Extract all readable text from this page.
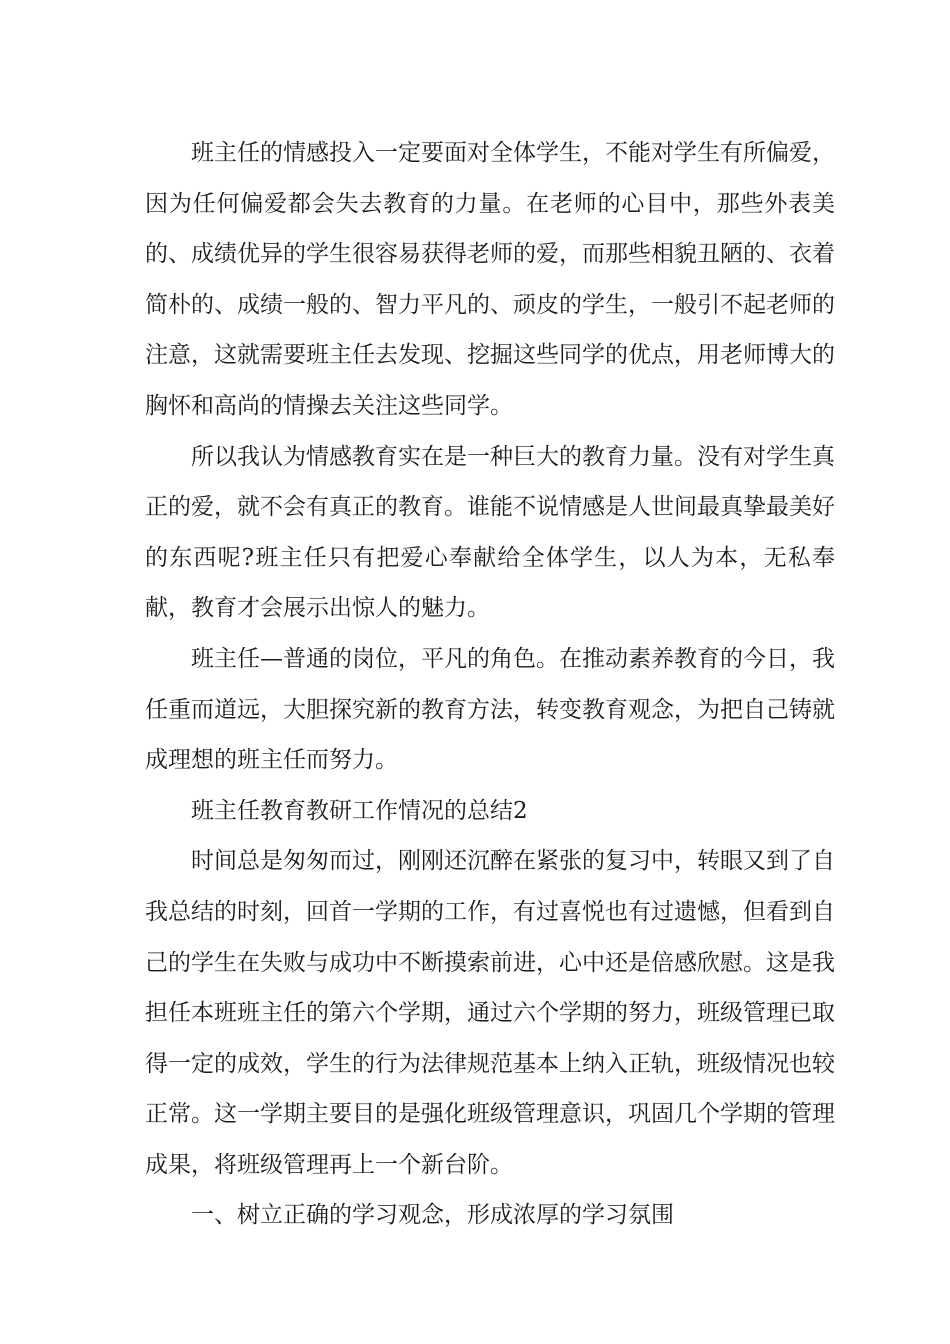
班主任的情感投入一定要面对全体学生，不能对学生有所偏爱，因为任何偏爱都会失去教育的力量。在老师的心目中，那些外表美的、成绩优异的学生很容易获得老师的爱，而那些相貌丑陋的、衣着简朴的、成绩一般的、智力平凡的、顽皮的学生，一般引不起老师的注意，这就需要班主任去发现、挖掘这些同学的优点，用老师博大的胸怀和高尚的情操去关注这些同学。

所以我认为情感教育实在是一种巨大的教育力量。没有对学生真正的爱，就不会有真正的教育。谁能不说情感是人世间最真挚最美好的东西呢?班主任只有把爱心奉献给全体学生，以人为本，无私奉献，教育才会展示出惊人的魅力。

班主任—普通的岗位，平凡的角色。在推动素养教育的今日，我任重而道远，大胆探究新的教育方法，转变教育观念，为把自己铸就成理想的班主任而努力。

班主任教育教研工作情况的总结2

时间总是匆匆而过，刚刚还沉醉在紧张的复习中，转眼又到了自我总结的时刻，回首一学期的工作，有过喜悦也有过遗憾，但看到自己的学生在失败与成功中不断摸索前进，心中还是倍感欣慰。这是我担任本班班主任的第六个学期，通过六个学期的努力，班级管理已取得一定的成效，学生的行为法律规范基本上纳入正轨，班级情况也较正常。这一学期主要目的是强化班级管理意识，巩固几个学期的管理成果，将班级管理再上一个新台阶。

一、树立正确的学习观念，形成浓厚的学习氛围
